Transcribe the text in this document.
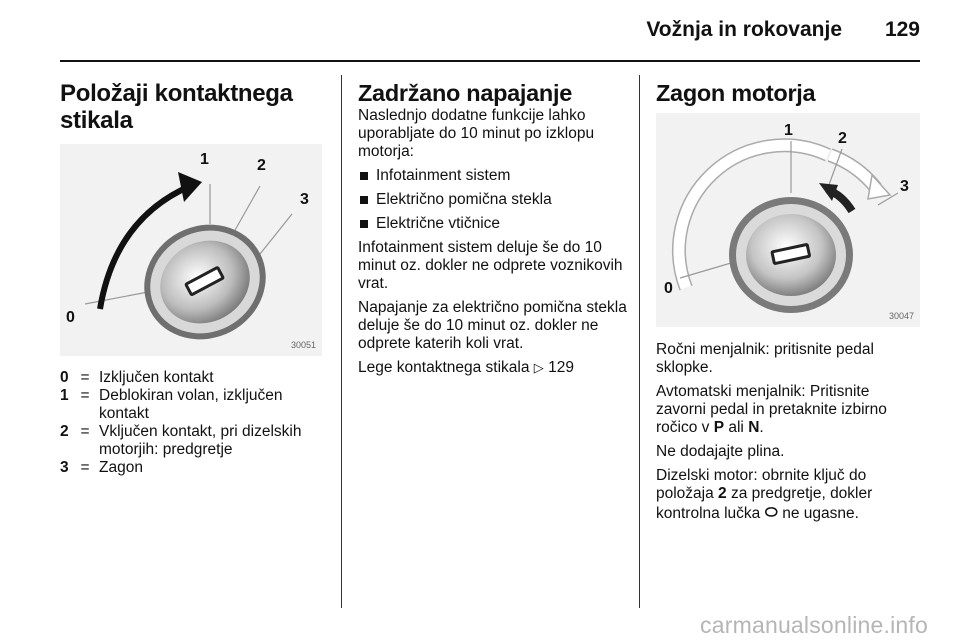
Vožnja in rokovanje 129
Položaji kontaktnega stikala
1	2
3
0
30051
0 = Izključen kontakt
1 = Deblokiran volan, izključen kontakt
2 = Vključen kontakt, pri dizelskih motorjih: predgretje
3 = Zagon
Zadržano napajanje

Naslednjo dodatne funkcije lahko uporabljate do 10 minut po izklopu motorja:

Infotainment sistem
Električno pomična stekla
Električne vtičnice

Infotainment sistem deluje še do 10 minut oz. dokler ne odprete voznikovih vrat.

Napajanje za električno pomična stekla deluje še do 10 minut oz. dokler ne odprete katerih koli vrat.

Lege kontaktnega stikala ▷ 129

Zagon motorja
1	2
3
0
30047

Ročni menjalnik: pritisnite pedal sklopke.

Avtomatski menjalnik: Pritisnite zavorni pedal in pretaknite izbirno ročico v P ali N.

Ne dodajajte plina.

Dizelski motor: obrnite ključ do položaja 2 za predgretje, dokler kontrolna lučka ࿀ ne ugasne.

carmanualsonline.info
